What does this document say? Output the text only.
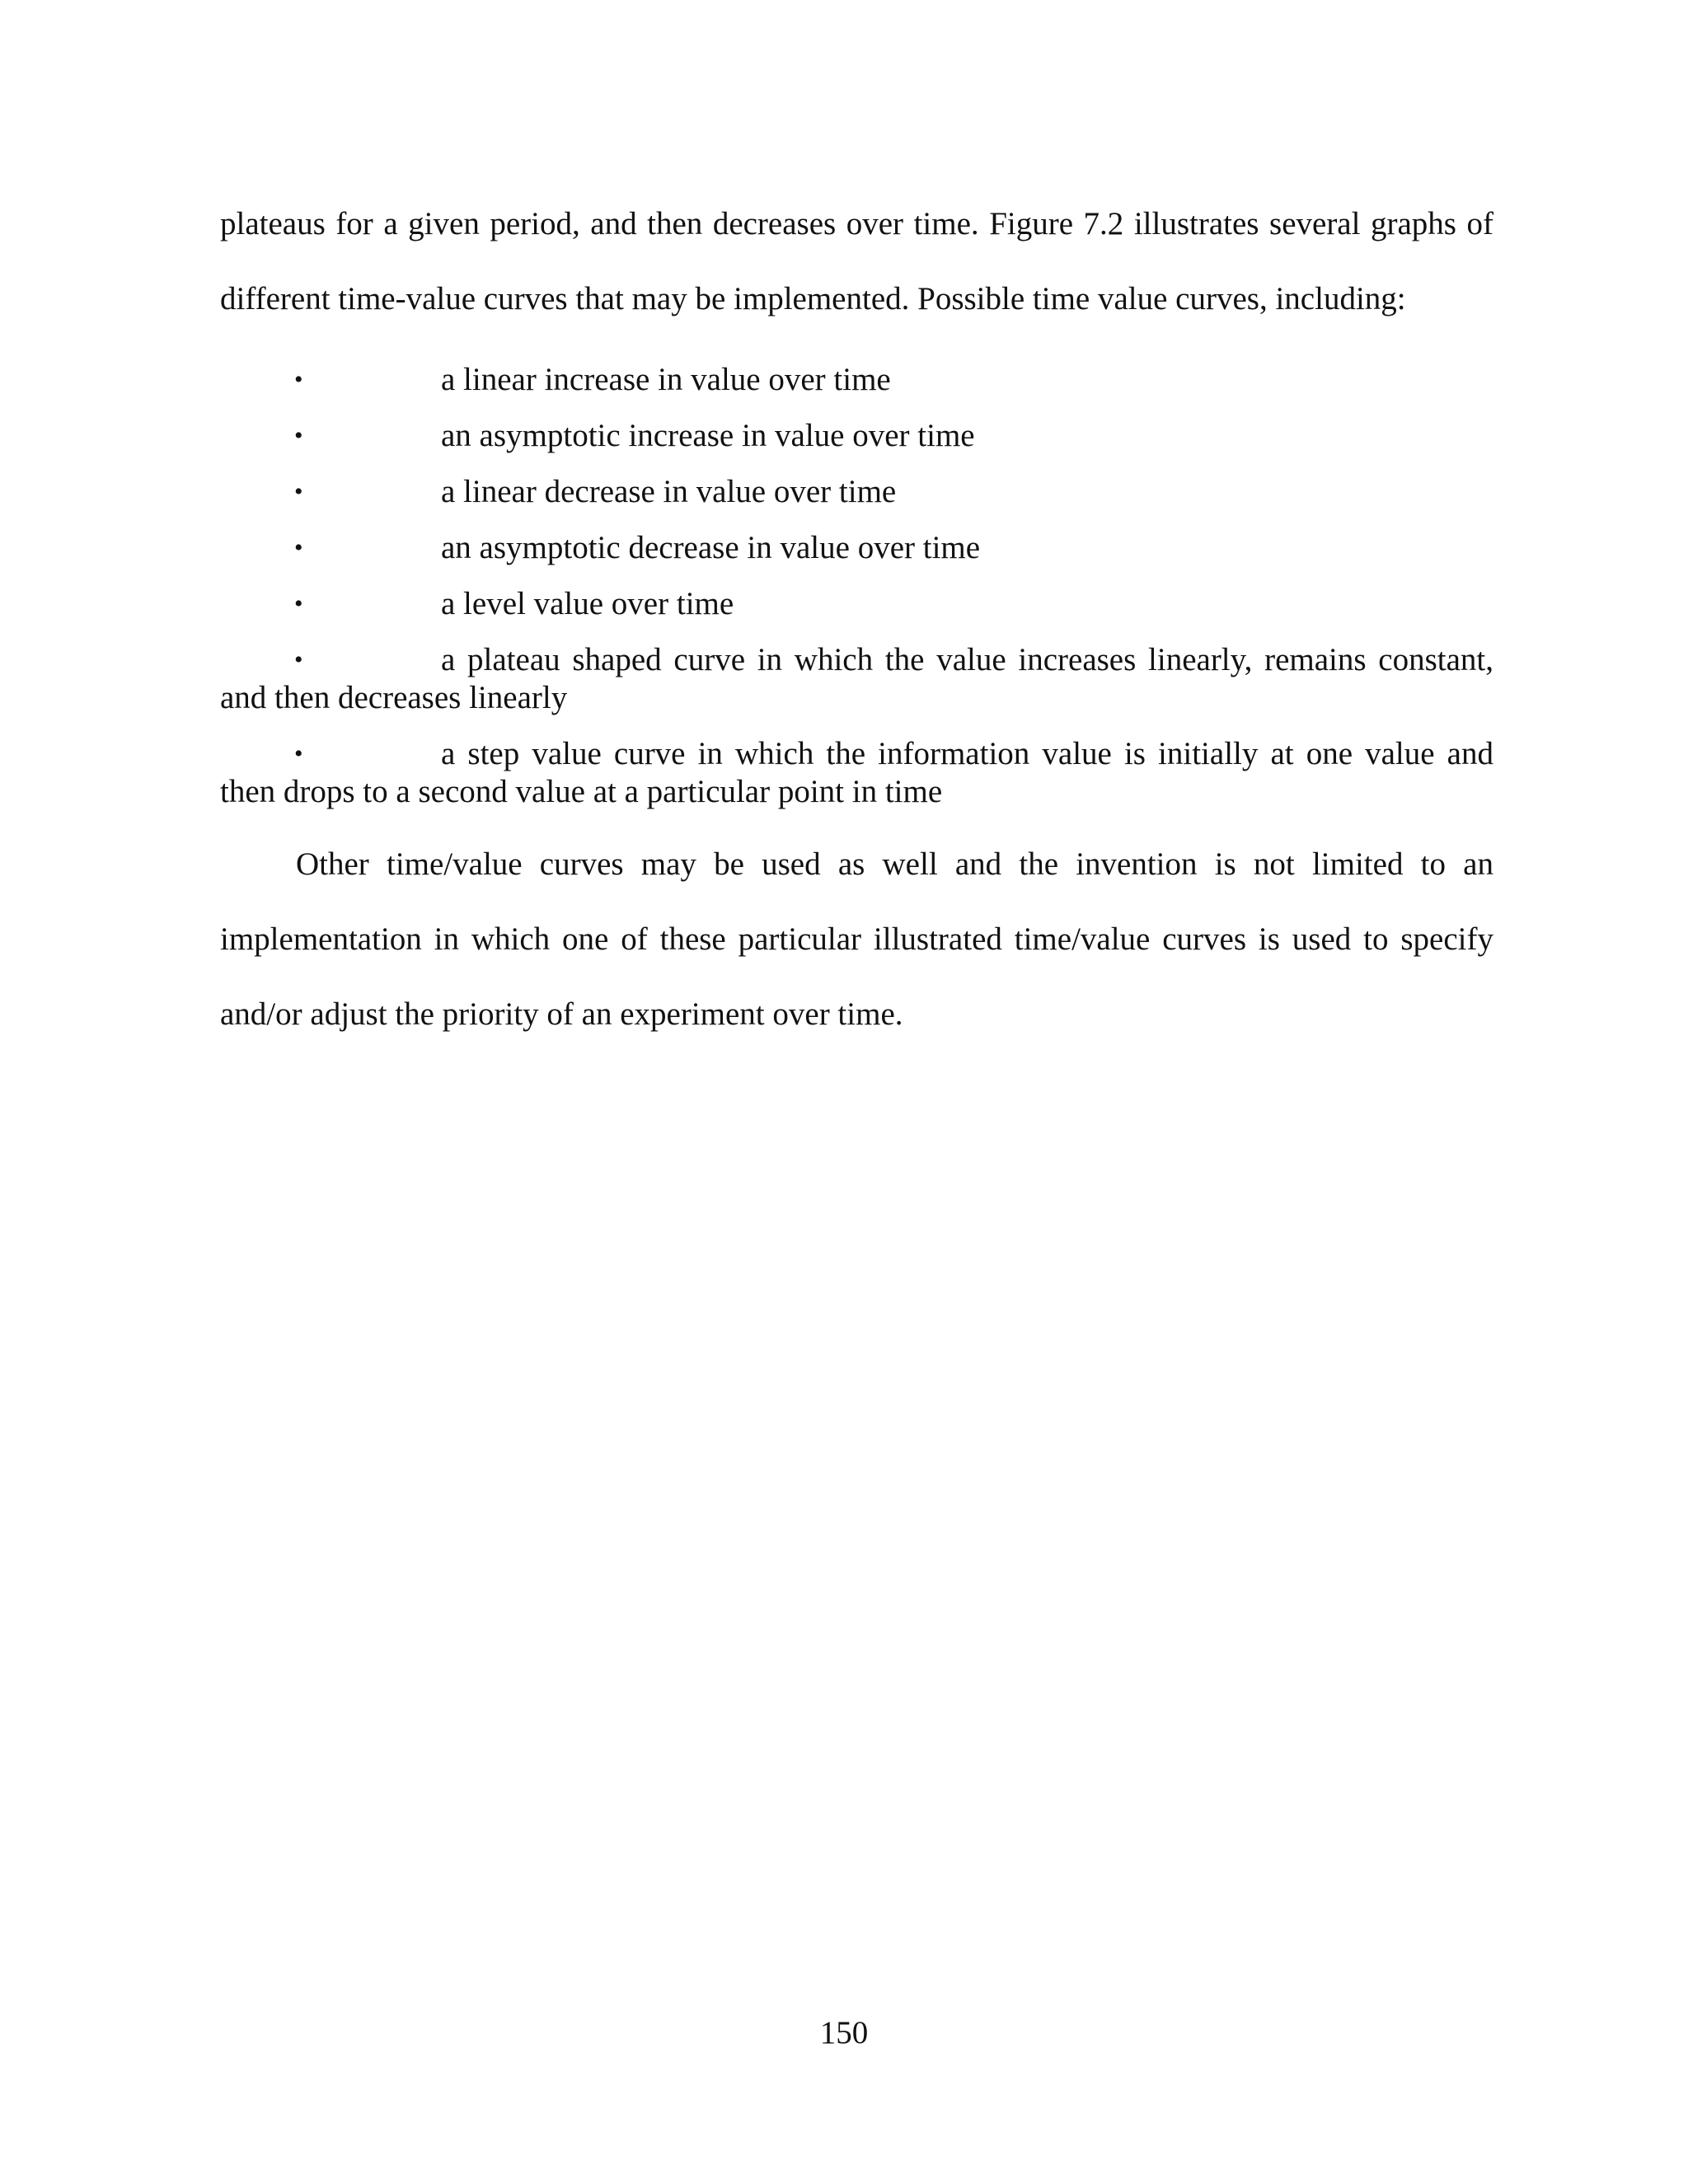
plateaus for a given period, and then decreases over time. Figure 7.2 illustrates several graphs of different time-value curves that may be implemented. Possible time value curves, including:

•	a linear increase in value over time
•	an asymptotic increase in value over time
•	a linear decrease in value over time
•	an asymptotic decrease in value over time
•	a level value over time
•	a plateau shaped curve in which the value increases linearly, remains constant, and then decreases linearly
•	a step value curve in which the information value is initially at one value and then drops to a second value at a particular point in time

Other time/value curves may be used as well and the invention is not limited to an implementation in which one of these particular illustrated time/value curves is used to specify and/or adjust the priority of an experiment over time.

150
